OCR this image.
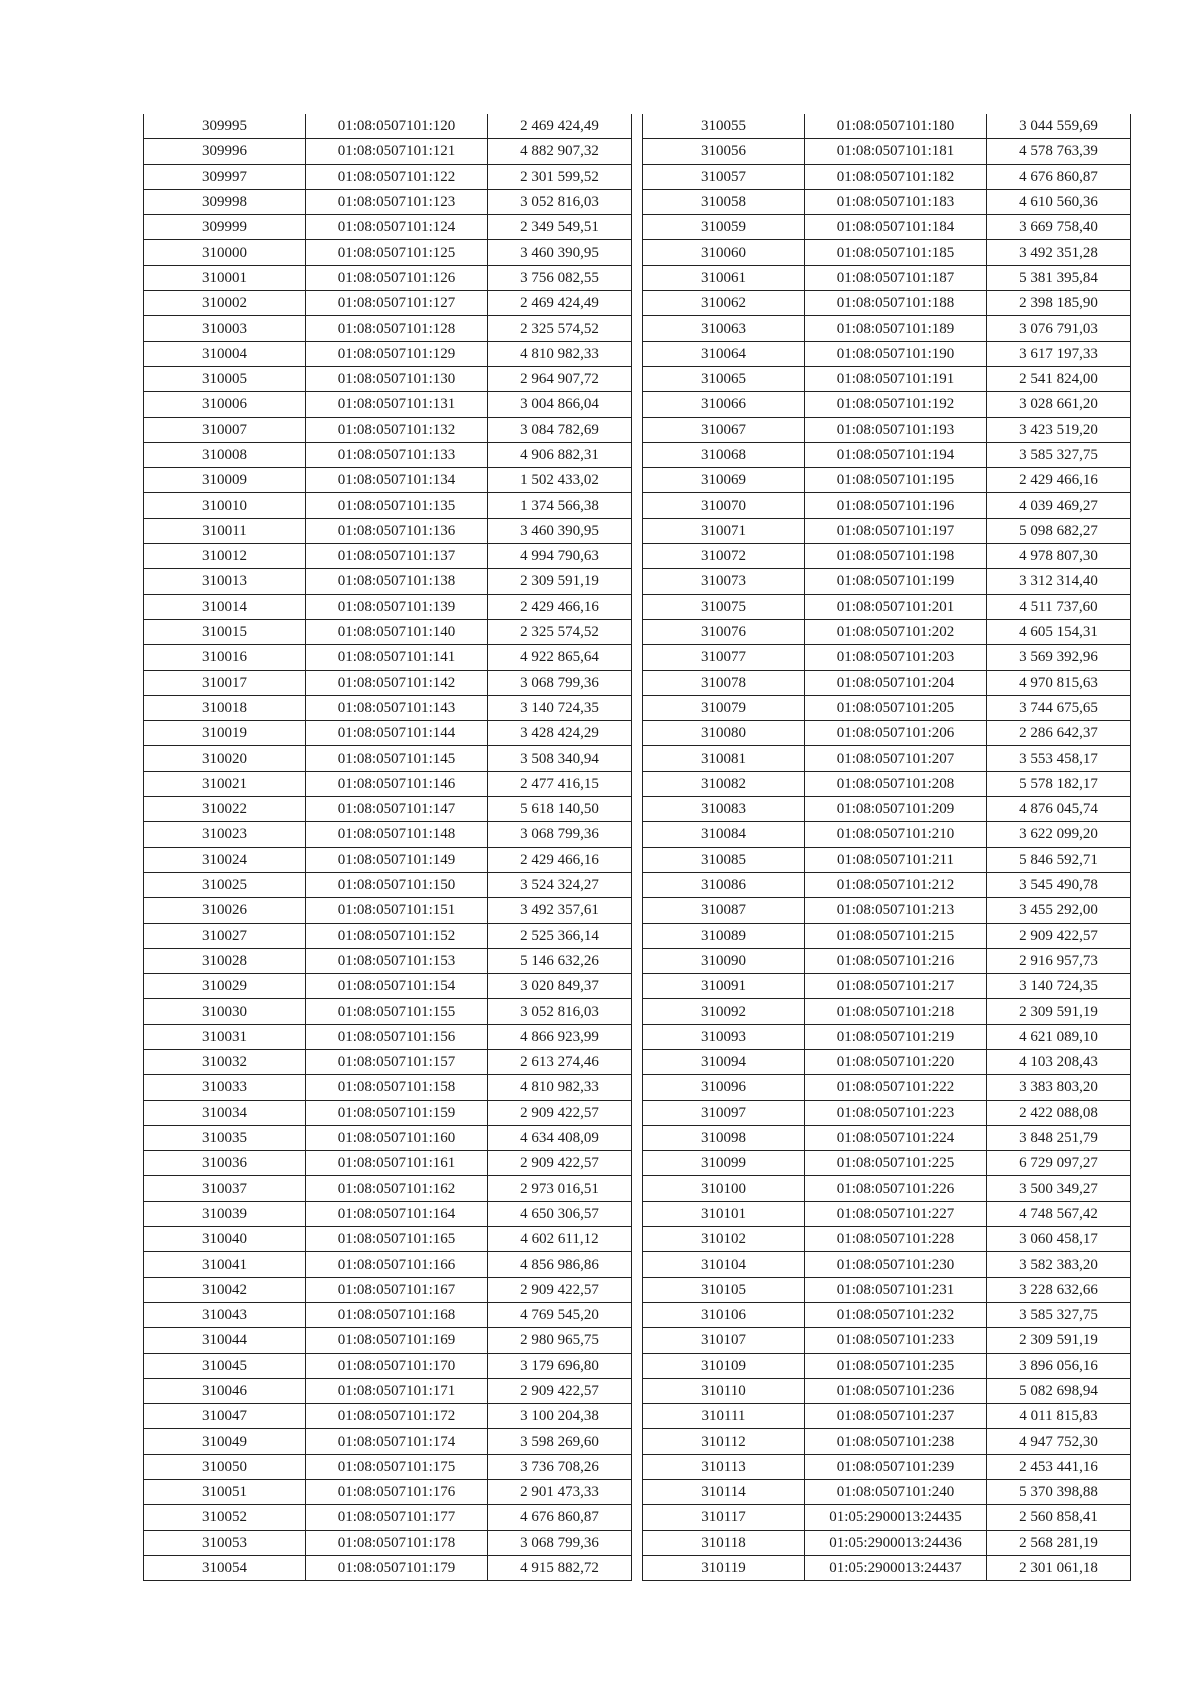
309995	01:08:0507101:120	2 469 424,49
309996	01:08:0507101:121	4 882 907,32
309997	01:08:0507101:122	2 301 599,52
309998	01:08:0507101:123	3 052 816,03
309999	01:08:0507101:124	2 349 549,51
310000	01:08:0507101:125	3 460 390,95
310001	01:08:0507101:126	3 756 082,55
310002	01:08:0507101:127	2 469 424,49
310003	01:08:0507101:128	2 325 574,52
310004	01:08:0507101:129	4 810 982,33
310005	01:08:0507101:130	2 964 907,72
310006	01:08:0507101:131	3 004 866,04
310007	01:08:0507101:132	3 084 782,69
310008	01:08:0507101:133	4 906 882,31
310009	01:08:0507101:134	1 502 433,02
310010	01:08:0507101:135	1 374 566,38
310011	01:08:0507101:136	3 460 390,95
310012	01:08:0507101:137	4 994 790,63
310013	01:08:0507101:138	2 309 591,19
310014	01:08:0507101:139	2 429 466,16
310015	01:08:0507101:140	2 325 574,52
310016	01:08:0507101:141	4 922 865,64
310017	01:08:0507101:142	3 068 799,36
310018	01:08:0507101:143	3 140 724,35
310019	01:08:0507101:144	3 428 424,29
310020	01:08:0507101:145	3 508 340,94
310021	01:08:0507101:146	2 477 416,15
310022	01:08:0507101:147	5 618 140,50
310023	01:08:0507101:148	3 068 799,36
310024	01:08:0507101:149	2 429 466,16
310025	01:08:0507101:150	3 524 324,27
310026	01:08:0507101:151	3 492 357,61
310027	01:08:0507101:152	2 525 366,14
310028	01:08:0507101:153	5 146 632,26
310029	01:08:0507101:154	3 020 849,37
310030	01:08:0507101:155	3 052 816,03
310031	01:08:0507101:156	4 866 923,99
310032	01:08:0507101:157	2 613 274,46
310033	01:08:0507101:158	4 810 982,33
310034	01:08:0507101:159	2 909 422,57
310035	01:08:0507101:160	4 634 408,09
310036	01:08:0507101:161	2 909 422,57
310037	01:08:0507101:162	2 973 016,51
310039	01:08:0507101:164	4 650 306,57
310040	01:08:0507101:165	4 602 611,12
310041	01:08:0507101:166	4 856 986,86
310042	01:08:0507101:167	2 909 422,57
310043	01:08:0507101:168	4 769 545,20
310044	01:08:0507101:169	2 980 965,75
310045	01:08:0507101:170	3 179 696,80
310046	01:08:0507101:171	2 909 422,57
310047	01:08:0507101:172	3 100 204,38
310049	01:08:0507101:174	3 598 269,60
310050	01:08:0507101:175	3 736 708,26
310051	01:08:0507101:176	2 901 473,33
310052	01:08:0507101:177	4 676 860,87
310053	01:08:0507101:178	3 068 799,36
310054	01:08:0507101:179	4 915 882,72
310055	01:08:0507101:180	3 044 559,69
310056	01:08:0507101:181	4 578 763,39
310057	01:08:0507101:182	4 676 860,87
310058	01:08:0507101:183	4 610 560,36
310059	01:08:0507101:184	3 669 758,40
310060	01:08:0507101:185	3 492 351,28
310061	01:08:0507101:187	5 381 395,84
310062	01:08:0507101:188	2 398 185,90
310063	01:08:0507101:189	3 076 791,03
310064	01:08:0507101:190	3 617 197,33
310065	01:08:0507101:191	2 541 824,00
310066	01:08:0507101:192	3 028 661,20
310067	01:08:0507101:193	3 423 519,20
310068	01:08:0507101:194	3 585 327,75
310069	01:08:0507101:195	2 429 466,16
310070	01:08:0507101:196	4 039 469,27
310071	01:08:0507101:197	5 098 682,27
310072	01:08:0507101:198	4 978 807,30
310073	01:08:0507101:199	3 312 314,40
310075	01:08:0507101:201	4 511 737,60
310076	01:08:0507101:202	4 605 154,31
310077	01:08:0507101:203	3 569 392,96
310078	01:08:0507101:204	4 970 815,63
310079	01:08:0507101:205	3 744 675,65
310080	01:08:0507101:206	2 286 642,37
310081	01:08:0507101:207	3 553 458,17
310082	01:08:0507101:208	5 578 182,17
310083	01:08:0507101:209	4 876 045,74
310084	01:08:0507101:210	3 622 099,20
310085	01:08:0507101:211	5 846 592,71
310086	01:08:0507101:212	3 545 490,78
310087	01:08:0507101:213	3 455 292,00
310089	01:08:0507101:215	2 909 422,57
310090	01:08:0507101:216	2 916 957,73
310091	01:08:0507101:217	3 140 724,35
310092	01:08:0507101:218	2 309 591,19
310093	01:08:0507101:219	4 621 089,10
310094	01:08:0507101:220	4 103 208,43
310096	01:08:0507101:222	3 383 803,20
310097	01:08:0507101:223	2 422 088,08
310098	01:08:0507101:224	3 848 251,79
310099	01:08:0507101:225	6 729 097,27
310100	01:08:0507101:226	3 500 349,27
310101	01:08:0507101:227	4 748 567,42
310102	01:08:0507101:228	3 060 458,17
310104	01:08:0507101:230	3 582 383,20
310105	01:08:0507101:231	3 228 632,66
310106	01:08:0507101:232	3 585 327,75
310107	01:08:0507101:233	2 309 591,19
310109	01:08:0507101:235	3 896 056,16
310110	01:08:0507101:236	5 082 698,94
310111	01:08:0507101:237	4 011 815,83
310112	01:08:0507101:238	4 947 752,30
310113	01:08:0507101:239	2 453 441,16
310114	01:08:0507101:240	5 370 398,88
310117	01:05:2900013:24435	2 560 858,41
310118	01:05:2900013:24436	2 568 281,19
310119	01:05:2900013:24437	2 301 061,18
